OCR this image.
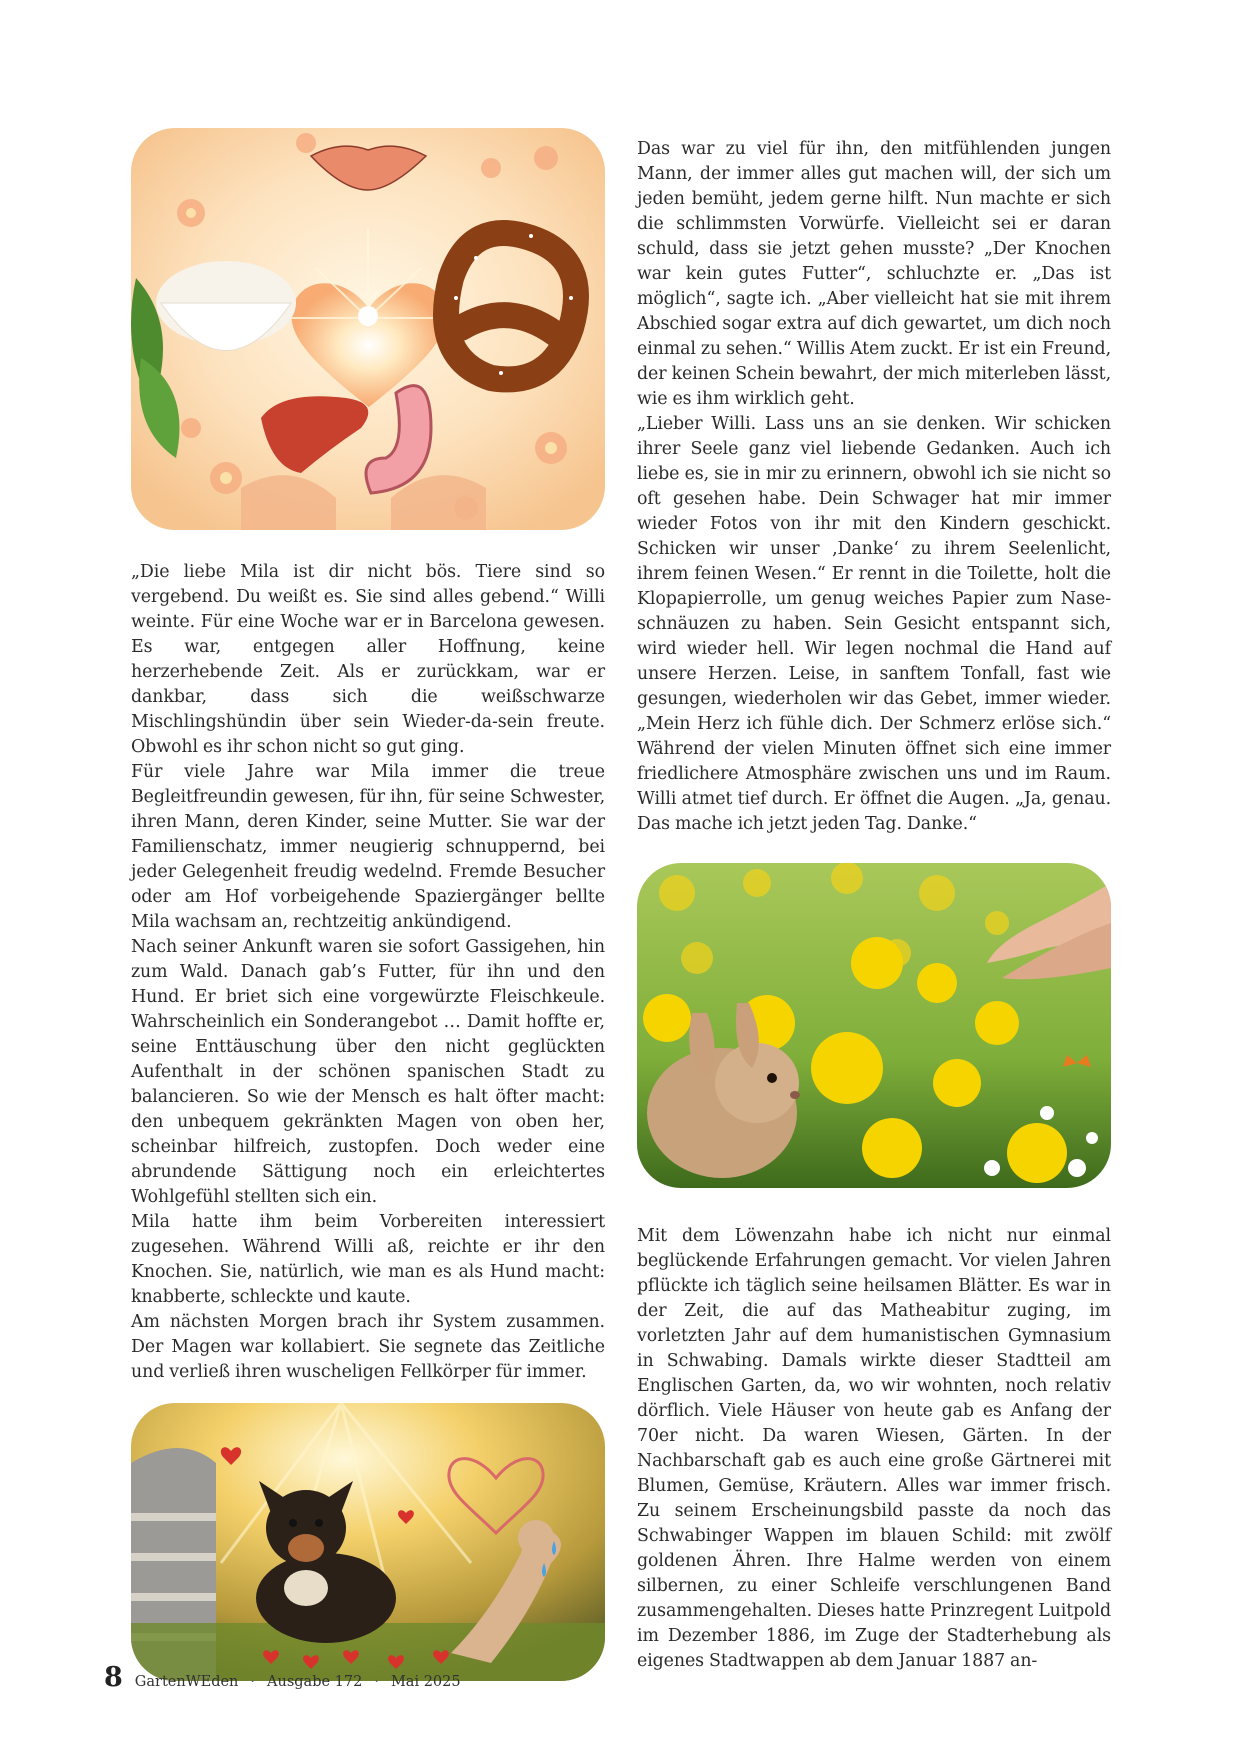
„Die liebe Mila ist dir nicht bös. Tiere sind so vergebend. Du weißt es. Sie sind alles gebend.“ Willi weinte. Für eine Woche war er in Barcelona gewesen. Es war, entgegen aller Hoffnung, keine herzerhebende Zeit. Als er zurückkam, war er dankbar, dass sich die weißschwarze Mischlingshündin über sein Wieder-da-sein freute. Obwohl es ihr schon nicht so gut ging.

Für viele Jahre war Mila immer die treue Begleitfreundin gewesen, für ihn, für seine Schwester, ihren Mann, deren Kinder, seine Mutter. Sie war der Familienschatz, immer neugierig schnuppernd, bei jeder Gelegenheit freudig wedelnd. Fremde Besucher oder am Hof vorbeigehende Spaziergänger bellte Mila wachsam an, rechtzeitig ankündigend.

Nach seiner Ankunft waren sie sofort Gassigehen, hin zum Wald. Danach gab’s Futter, für ihn und den Hund. Er briet sich eine vorgewürzte Fleischkeule. Wahrscheinlich ein Sonderangebot … Damit hoffte er, seine Enttäuschung über den nicht geglückten Aufenthalt in der schönen spanischen Stadt zu balancieren. So wie der Mensch es halt öfter macht: den unbequem gekränkten Magen von oben her, scheinbar hilfreich, zustopfen. Doch weder eine abrundende Sättigung noch ein erleichtertes Wohlgefühl stellten sich ein.

Mila hatte ihm beim Vorbereiten interessiert zugesehen. Während Willi aß, reichte er ihr den Knochen. Sie, natürlich, wie man es als Hund macht: knabberte, schleckte und kaute.

Am nächsten Morgen brach ihr System zusammen. Der Magen war kollabiert. Sie segnete das Zeitliche und verließ ihren wuscheligen Fellkörper für immer.

Das war zu viel für ihn, den mitfühlenden jungen Mann, der immer alles gut machen will, der sich um jeden bemüht, jedem gerne hilft. Nun machte er sich die schlimmsten Vorwürfe. Vielleicht sei er daran schuld, dass sie jetzt gehen musste? „Der Knochen war kein gutes Futter“, schluchzte er. „Das ist möglich“, sagte ich. „Aber vielleicht hat sie mit ihrem Abschied sogar extra auf dich gewartet, um dich noch einmal zu sehen.“ Willis Atem zuckt. Er ist ein Freund, der keinen Schein bewahrt, der mich miterleben lässt, wie es ihm wirklich geht.

„Lieber Willi. Lass uns an sie denken. Wir schicken ihrer Seele ganz viel liebende Gedanken. Auch ich liebe es, sie in mir zu erinnern, obwohl ich sie nicht so oft gesehen habe. Dein Schwager hat mir immer wieder Fotos von ihr mit den Kindern geschickt. Schicken wir unser ‚Danke‘ zu ihrem Seelenlicht, ihrem feinen Wesen.“ Er rennt in die Toilette, holt die Klopapierrolle, um genug weiches Papier zum Nase-schnäuzen zu haben. Sein Gesicht entspannt sich, wird wieder hell. Wir legen nochmal die Hand auf unsere Herzen. Leise, in sanftem Tonfall, fast wie gesungen, wiederholen wir das Gebet, immer wieder. „Mein Herz ich fühle dich. Der Schmerz erlöse sich.“ Während der vielen Minuten öffnet sich eine immer friedlichere Atmosphäre zwischen uns und im Raum. Willi atmet tief durch. Er öffnet die Augen. „Ja, genau. Das mache ich jetzt jeden Tag. Danke.“

Mit dem Löwenzahn habe ich nicht nur einmal beglückende Erfahrungen gemacht. Vor vielen Jahren pflückte ich täglich seine heilsamen Blätter. Es war in der Zeit, die auf das Matheabitur zuging, im vorletzten Jahr auf dem humanistischen Gymnasium in Schwabing. Damals wirkte dieser Stadtteil am Englischen Garten, da, wo wir wohnten, noch relativ dörflich. Viele Häuser von heute gab es Anfang der 70er nicht. Da waren Wiesen, Gärten. In der Nachbarschaft gab es auch eine große Gärtnerei mit Blumen, Gemüse, Kräutern. Alles war immer frisch. Zu seinem Erscheinungsbild passte da noch das Schwabinger Wappen im blauen Schild: mit zwölf goldenen Ähren. Ihre Halme werden von einem silbernen, zu einer Schleife verschlungenen Band zusammengehalten. Dieses hatte Prinzregent Luitpold im Dezember 1886, im Zuge der Stadterhebung als eigenes Stadtwappen ab dem Januar 1887 an-

8 GartenWEden · Ausgabe 172 · Mai 2025
